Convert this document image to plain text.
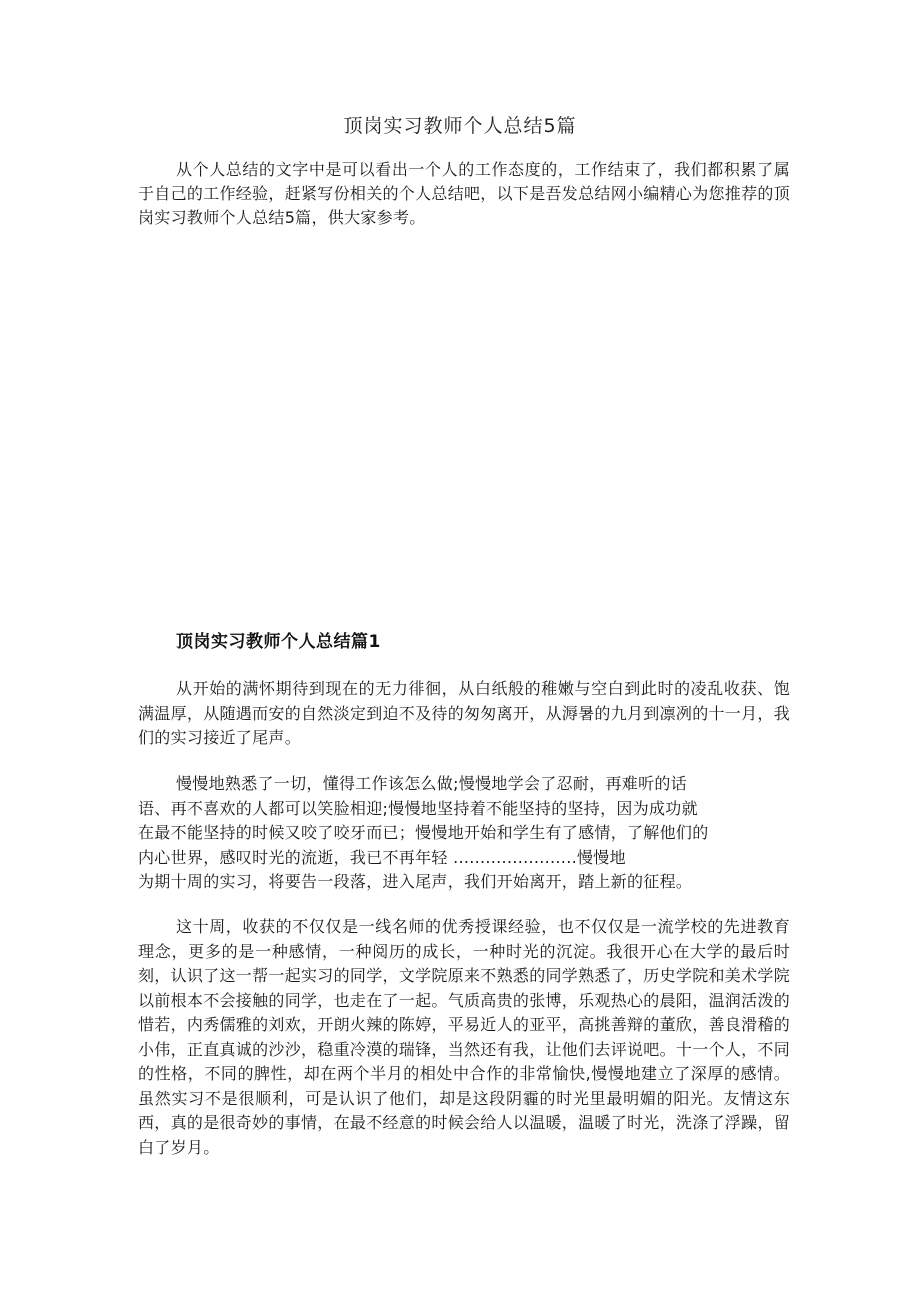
顶岗实习教师个人总结5篇

从个人总结的文字中是可以看出一个人的工作态度的，工作结束了，我们都积累了属于自己的工作经验，赶紧写份相关的个人总结吧，以下是吾发总结网小编精心为您推荐的顶岗实习教师个人总结5篇，供大家参考。

顶岗实习教师个人总结篇1

从开始的满怀期待到现在的无力徘徊，从白纸般的稚嫩与空白到此时的凌乱收获、饱满温厚，从随遇而安的自然淡定到迫不及待的匆匆离开，从溽暑的九月到凛冽的十一月，我们的实习接近了尾声。

慢慢地熟悉了一切，懂得工作该怎么做;慢慢地学会了忍耐，再难听的话
语、再不喜欢的人都可以笑脸相迎;慢慢地坚持着不能坚持的坚持，因为成功就
在最不能坚持的时候又咬了咬牙而已；慢慢地开始和学生有了感情，了解他们的
内心世界，感叹时光的流逝，我已不再年轻 .......................慢慢地
为期十周的实习，将要告一段落，进入尾声，我们开始离开，踏上新的征程。

这十周，收获的不仅仅是一线名师的优秀授课经验，也不仅仅是一流学校的先进教育理念，更多的是一种感情，一种阅历的成长，一种时光的沉淀。我很开心在大学的最后时刻，认识了这一帮一起实习的同学，文学院原来不熟悉的同学熟悉了，历史学院和美术学院以前根本不会接触的同学，也走在了一起。气质高贵的张博，乐观热心的晨阳，温润活泼的惜若，内秀儒雅的刘欢，开朗火辣的陈婷，平易近人的亚平，高挑善辩的董欣，善良滑稽的小伟，正直真诚的沙沙，稳重冷漠的瑞锋，当然还有我，让他们去评说吧。十一个人，不同的性格，不同的脾性，却在两个半月的相处中合作的非常愉快,慢慢地建立了深厚的感情。虽然实习不是很顺利，可是认识了他们，却是这段阴霾的时光里最明媚的阳光。友情这东西，真的是很奇妙的事情，在最不经意的时候会给人以温暖，温暖了时光，洗涤了浮躁，留白了岁月。
